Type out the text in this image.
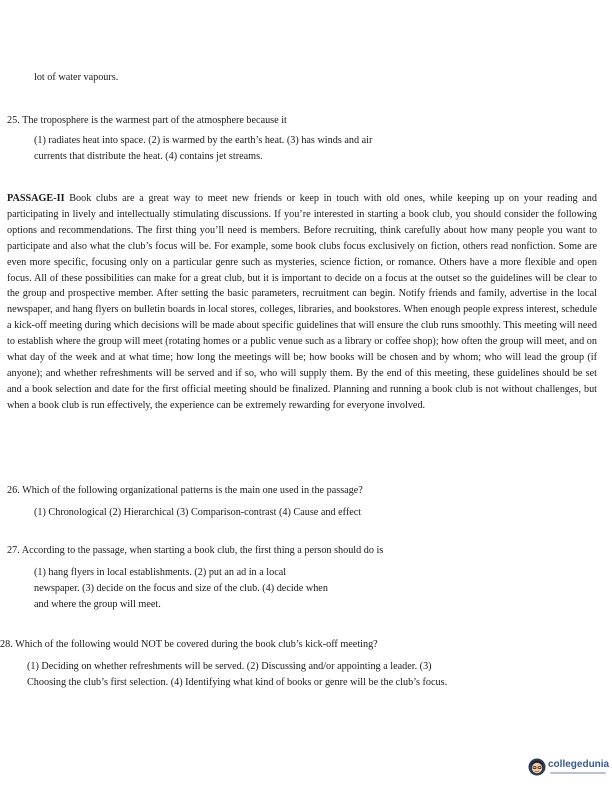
lot of water vapours.

25. The troposphere is the warmest part of the atmosphere because it

(1) radiates heat into space. (2) is warmed by the earth’s heat. (3) has winds and air currents that distribute the heat. (4) contains jet streams.

PASSAGE-II Book clubs are a great way to meet new friends or keep in touch with old ones, while keeping up on your reading and participating in lively and intellectually stimulating discussions. If you’re interested in starting a book club, you should consider the following options and recommendations. The first thing you’ll need is members. Before recruiting, think carefully about how many people you want to participate and also what the club’s focus will be. For example, some book clubs focus exclusively on fiction, others read nonfiction. Some are even more specific, focusing only on a particular genre such as mysteries, science fiction, or romance. Others have a more flexible and open focus. All of these possibilities can make for a great club, but it is important to decide on a focus at the outset so the guidelines will be clear to the group and prospective member. After setting the basic parameters, recruitment can begin. Notify friends and family, advertise in the local newspaper, and hang flyers on bulletin boards in local stores, colleges, libraries, and bookstores. When enough people express interest, schedule a kick-off meeting during which decisions will be made about specific guidelines that will ensure the club runs smoothly. This meeting will need to establish where the group will meet (rotating homes or a public venue such as a library or coffee shop); how often the group will meet, and on what day of the week and at what time; how long the meetings will be; how books will be chosen and by whom; who will lead the group (if anyone); and whether refreshments will be served and if so, who will supply them. By the end of this meeting, these guidelines should be set and a book selection and date for the first official meeting should be finalized. Planning and running a book club is not without challenges, but when a book club is run effectively, the experience can be extremely rewarding for everyone involved.

26. Which of the following organizational patterns is the main one used in the passage?

(1) Chronological (2) Hierarchical (3) Comparison-contrast (4) Cause and effect

27. According to the passage, when starting a book club, the first thing a person should do is

(1) hang flyers in local establishments. (2) put an ad in a local newspaper. (3) decide on the focus and size of the club. (4) decide when and where the group will meet.

28. Which of the following would NOT be covered during the book club’s kick-off meeting?

(1) Deciding on whether refreshments will be served. (2) Discussing and/or appointing a leader. (3) Choosing the club’s first selection. (4) Identifying what kind of books or genre will be the club’s focus.

collegedunia
